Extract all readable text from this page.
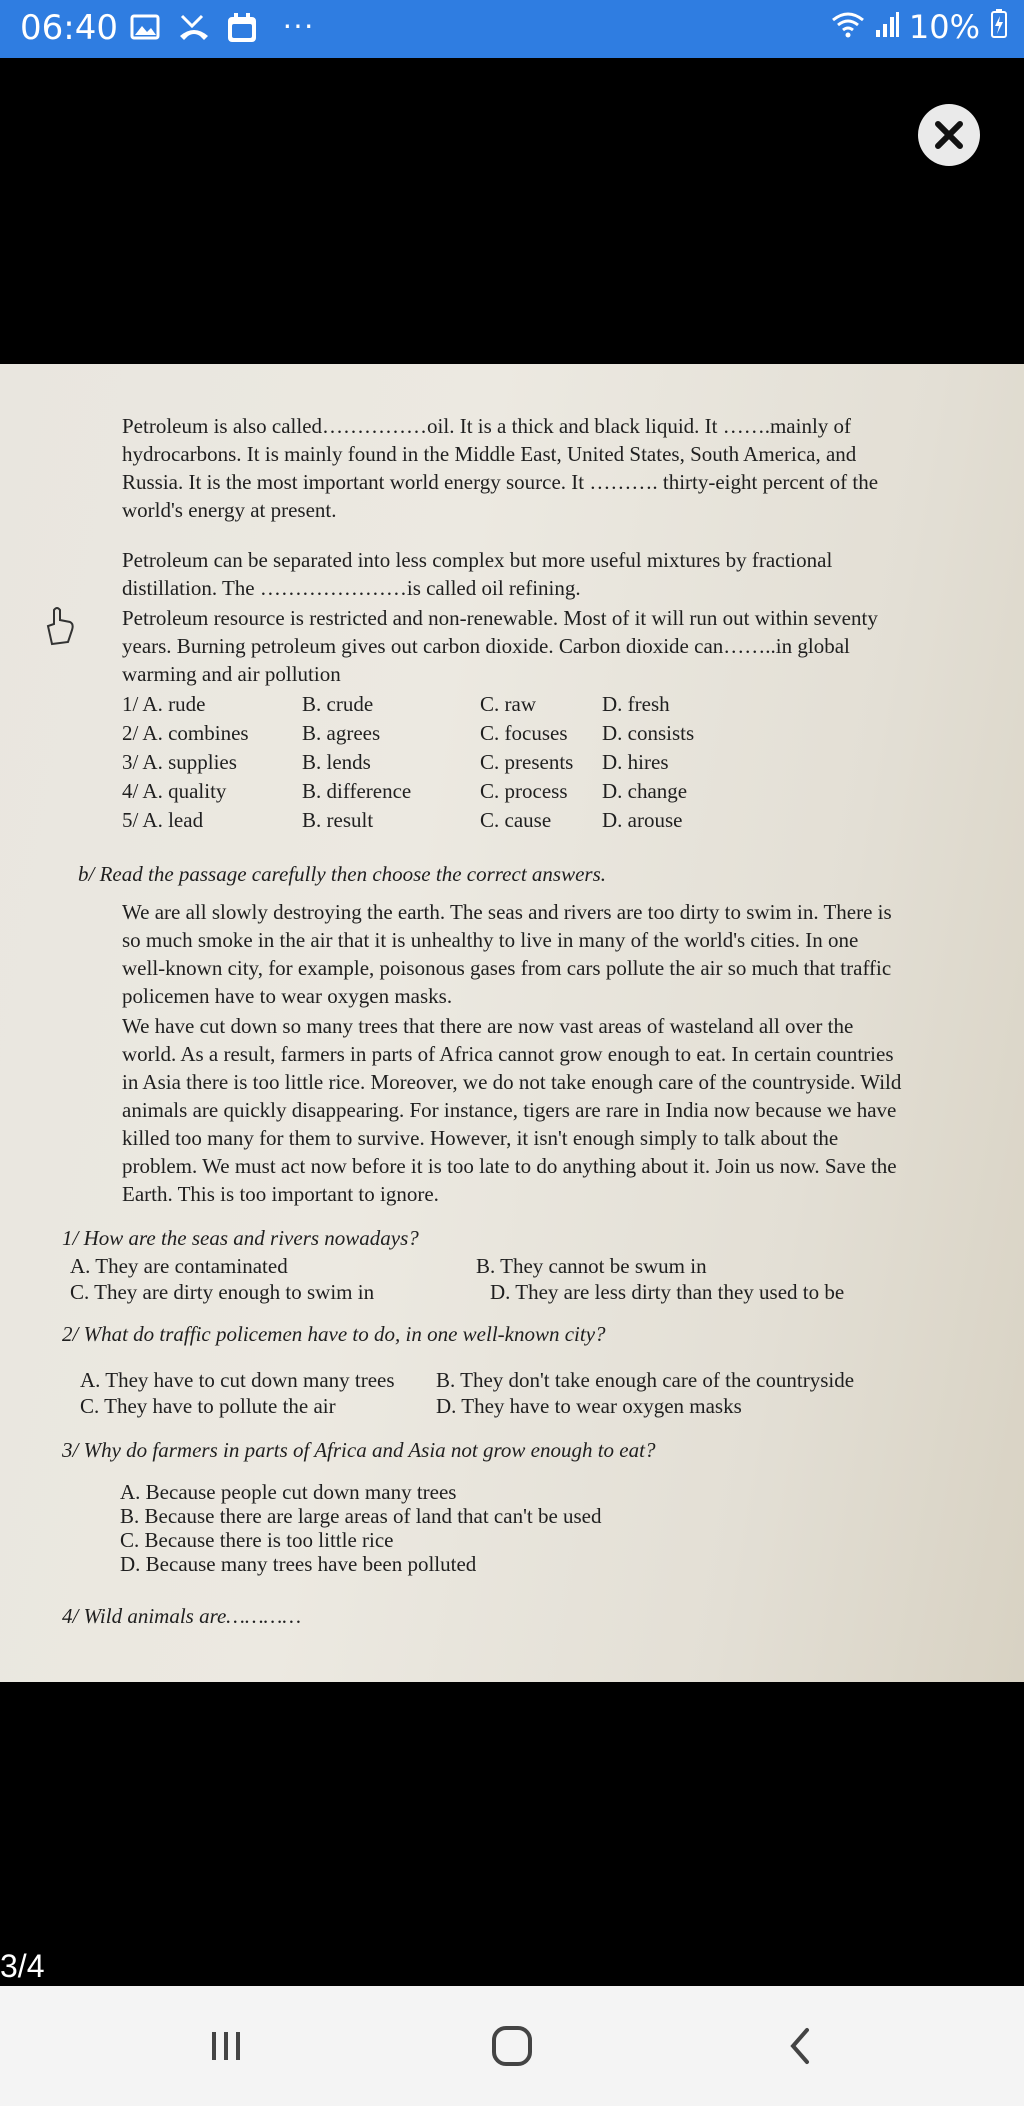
06:40	···	10%

Petroleum is also called……………oil. It is a thick and black liquid. It …….mainly of hydrocarbons. It is mainly found in the Middle East, United States, South America, and Russia. It is the most important world energy source. It ………. thirty-eight percent of the world's energy at present.

Petroleum can be separated into less complex but more useful mixtures by fractional distillation. The …………………is called oil refining.

Petroleum resource is restricted and non-renewable. Most of it will run out within seventy years. Burning petroleum gives out carbon dioxide. Carbon dioxide can……..in global warming and air pollution

1/ A. rude	B. crude	C. raw	D. fresh
2/ A. combines	B. agrees	C. focuses D. consists
3/ A. supplies	B. lends	C. presents D. hires
4/ A. quality	B. difference	C. process D. change
5/ A. lead	B. result	C. cause D. arouse
b/ Read the passage carefully then choose the correct answers.

We are all slowly destroying the earth. The seas and rivers are too dirty to swim in. There is so much smoke in the air that it is unhealthy to live in many of the world's cities. In one well-known city, for example, poisonous gases from cars pollute the air so much that traffic policemen have to wear oxygen masks.

We have cut down so many trees that there are now vast areas of wasteland all over the world. As a result, farmers in parts of Africa cannot grow enough to eat. In certain countries in Asia there is too little rice. Moreover, we do not take enough care of the countryside. Wild animals are quickly disappearing. For instance, tigers are rare in India now because we have killed too many for them to survive. However, it isn't enough simply to talk about the problem. We must act now before it is too late to do anything about it. Join us now. Save the Earth. This is too important to ignore.

1/ How are the seas and rivers nowadays?
A. They are contaminated	B. They cannot be swum in
C. They are dirty enough to swim in	D. They are less dirty than they used to be
2/ What do traffic policemen have to do, in one well-known city?
A. They have to cut down many trees B. They don't take enough care of the countryside
C. They have to pollute the air	D. They have to wear oxygen masks
3/ Why do farmers in parts of Africa and Asia not grow enough to eat?
A. Because people cut down many trees
B. Because there are large areas of land that can't be used
C. Because there is too little rice
D. Because many trees have been polluted
4/ Wild animals are…………
3/4
